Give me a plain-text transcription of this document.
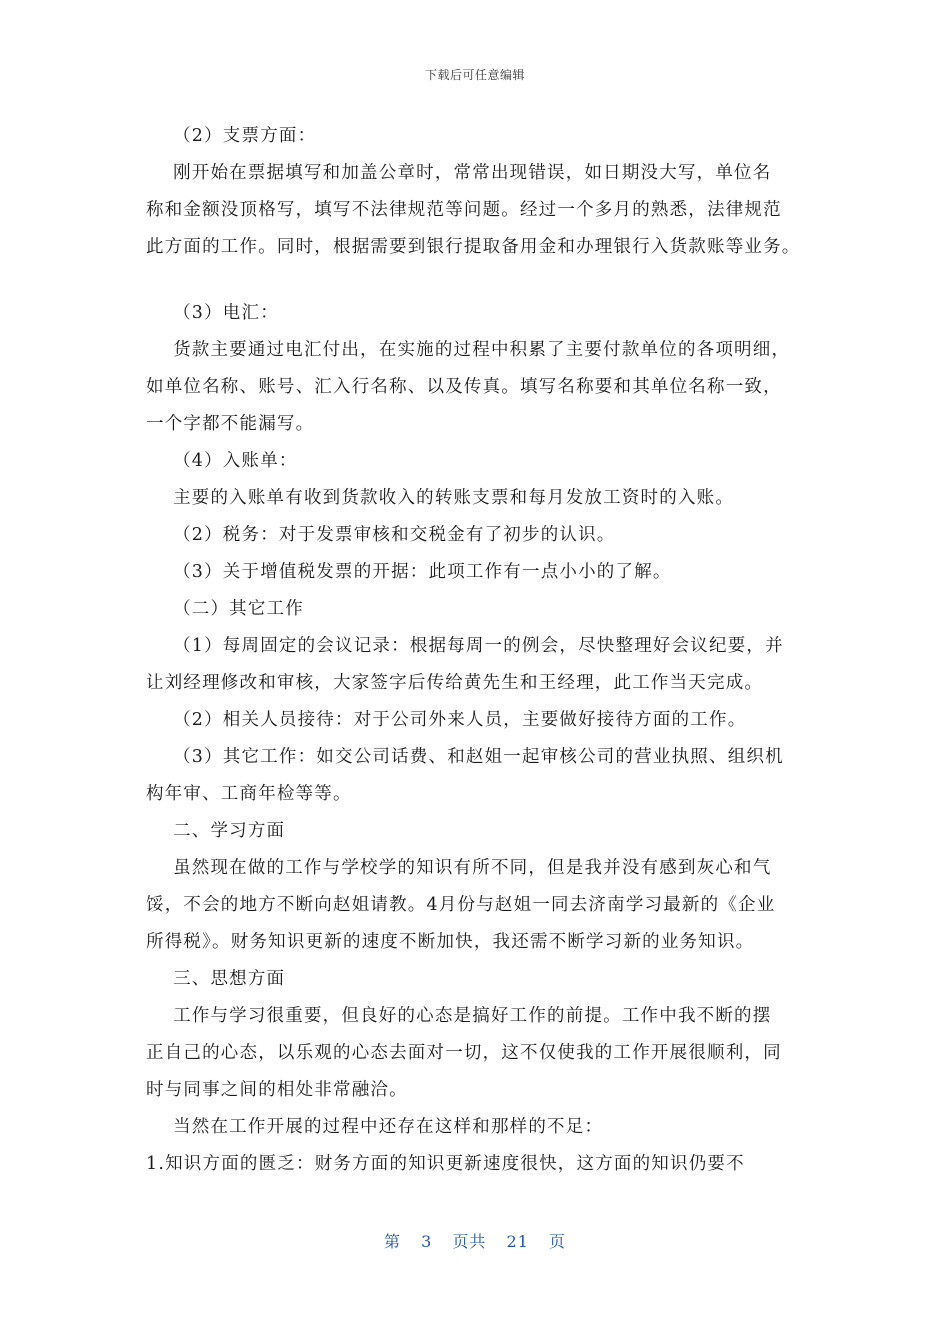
下载后可任意编辑

（2）支票方面：

刚开始在票据填写和加盖公章时，常常出现错误，如日期没大写，单位名

称和金额没顶格写，填写不法律规范等问题。经过一个多月的熟悉，法律规范

此方面的工作。同时，根据需要到银行提取备用金和办理银行入货款账等业务。

（3）电汇：

货款主要通过电汇付出，在实施的过程中积累了主要付款单位的各项明细，

如单位名称、账号、汇入行名称、以及传真。填写名称要和其单位名称一致，

一个字都不能漏写。

（4）入账单：

主要的入账单有收到货款收入的转账支票和每月发放工资时的入账。

（2）税务：对于发票审核和交税金有了初步的认识。

（3）关于增值税发票的开据：此项工作有一点小小的了解。

（二）其它工作

（1）每周固定的会议记录：根据每周一的例会，尽快整理好会议纪要，并

让刘经理修改和审核，大家签字后传给黄先生和王经理，此工作当天完成。

（2）相关人员接待：对于公司外来人员，主要做好接待方面的工作。

（3）其它工作：如交公司话费、和赵姐一起审核公司的营业执照、组织机

构年审、工商年检等等。

二、学习方面

虽然现在做的工作与学校学的知识有所不同，但是我并没有感到灰心和气

馁，不会的地方不断向赵姐请教。4月份与赵姐一同去济南学习最新的《企业

所得税》。财务知识更新的速度不断加快，我还需不断学习新的业务知识。

三、思想方面

工作与学习很重要，但良好的心态是搞好工作的前提。工作中我不断的摆

正自己的心态，以乐观的心态去面对一切，这不仅使我的工作开展很顺利，同

时与同事之间的相处非常融洽。

当然在工作开展的过程中还存在这样和那样的不足：

1.知识方面的匮乏：财务方面的知识更新速度很快，这方面的知识仍要不

第 3 页共 21 页
